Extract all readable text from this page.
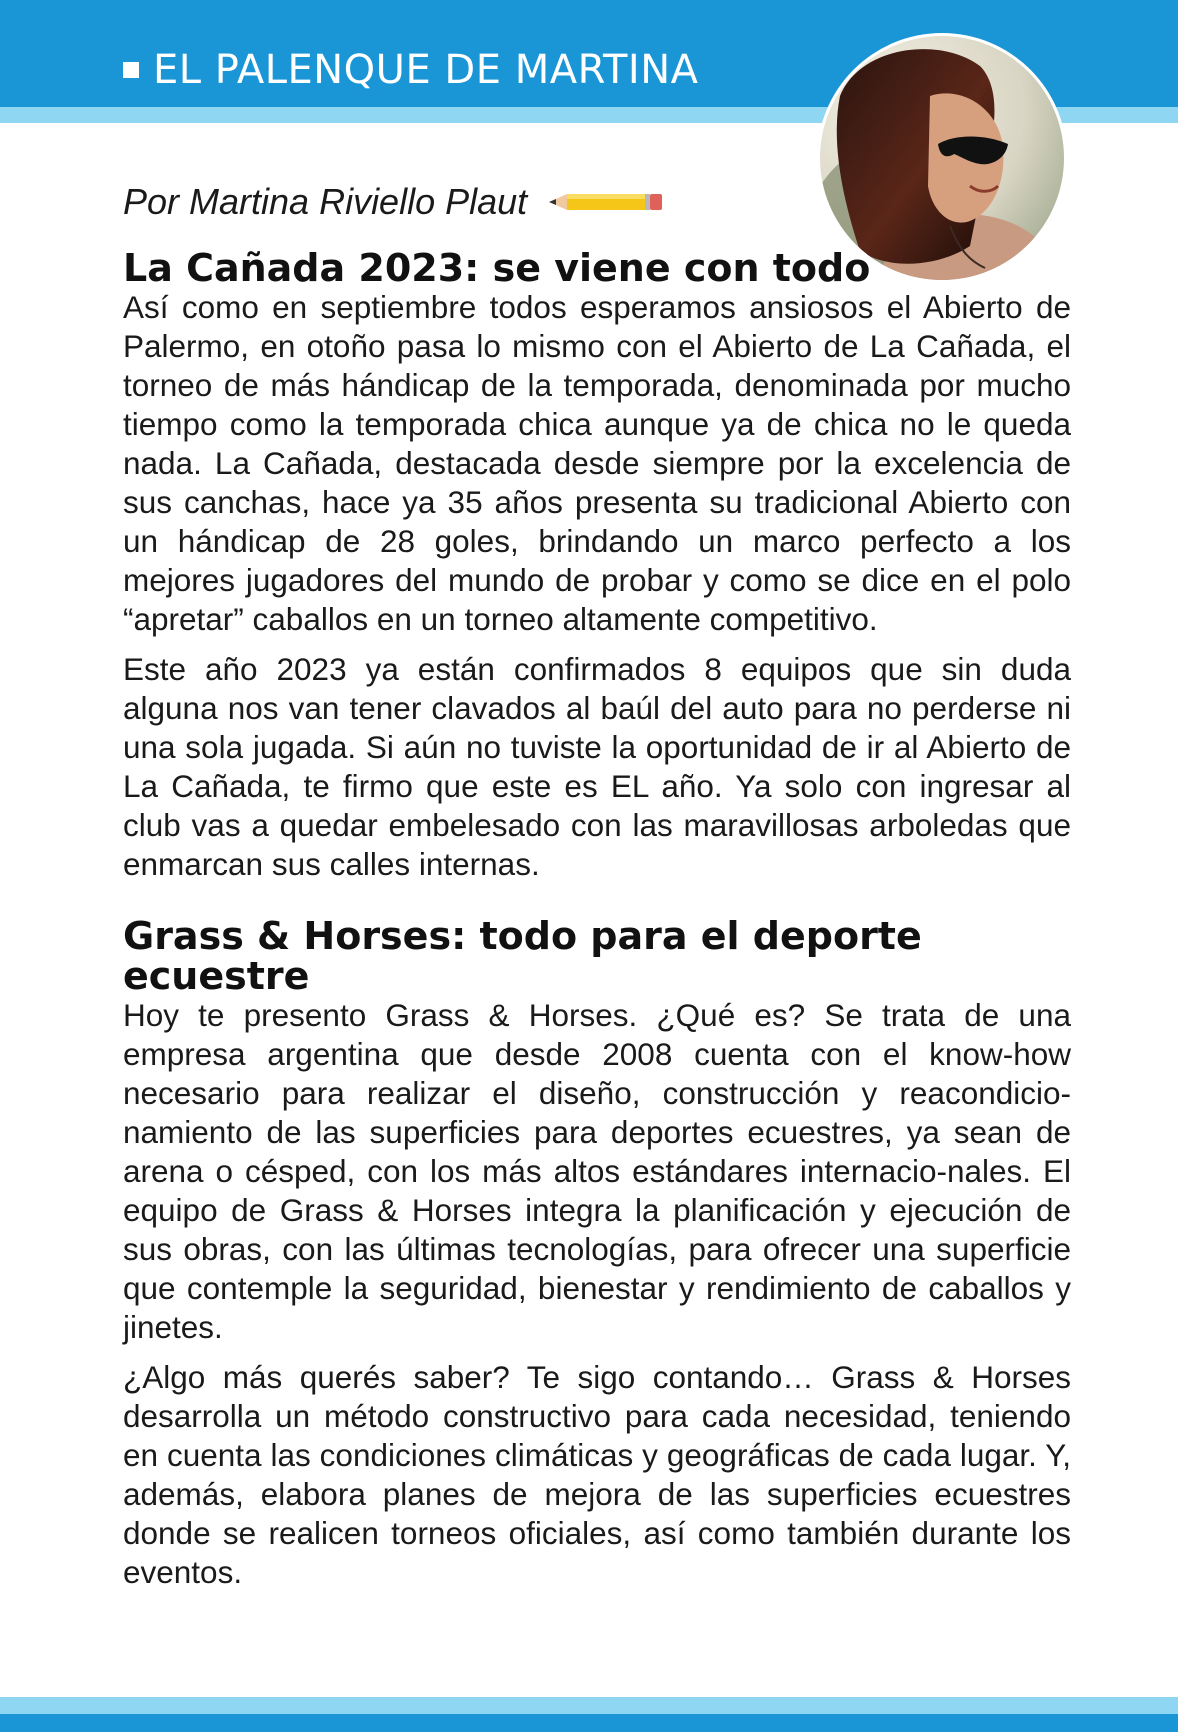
EL PALENQUE DE MARTINA
Por Martina Riviello Plaut
La Cañada 2023: se viene con todo

Así como en septiembre todos esperamos ansiosos el Abierto de Palermo, en otoño pasa lo mismo con el Abierto de La Cañada, el torneo de más hándicap de la temporada, denominada por mucho tiempo como la temporada chica aunque ya de chica no le queda nada. La Cañada, destacada desde siempre por la excelencia de sus canchas, hace ya 35 años presenta su tradicional Abierto con un hándicap de 28 goles, brindando un marco perfecto a los mejores jugadores del mundo de probar y como se dice en el polo “apretar” caballos en un torneo altamente competitivo.

Este año 2023 ya están confirmados 8 equipos que sin duda alguna nos van tener clavados al baúl del auto para no perderse ni una sola jugada. Si aún no tuviste la oportunidad de ir al Abierto de La Cañada, te firmo que este es EL año. Ya solo con ingresar al club vas a quedar embelesado con las maravillosas arboledas que enmarcan sus calles internas.

Grass & Horses: todo para el deporte ecuestre

Hoy te presento Grass & Horses. ¿Qué es? Se trata de una empresa argentina que desde 2008 cuenta con el know-how necesario para realizar el diseño, construcción y reacondicio-namiento de las superficies para deportes ecuestres, ya sean de arena o césped, con los más altos estándares internacio-nales. El equipo de Grass & Horses integra la planificación y ejecución de sus obras, con las últimas tecnologías, para ofrecer una superficie que contemple la seguridad, bienestar y rendimiento de caballos y jinetes.

¿Algo más querés saber? Te sigo contando… Grass & Horses desarrolla un método constructivo para cada necesidad, teniendo en cuenta las condiciones climáticas y geográficas de cada lugar. Y, además, elabora planes de mejora de las superficies ecuestres donde se realicen torneos oficiales, así como también durante los eventos.
